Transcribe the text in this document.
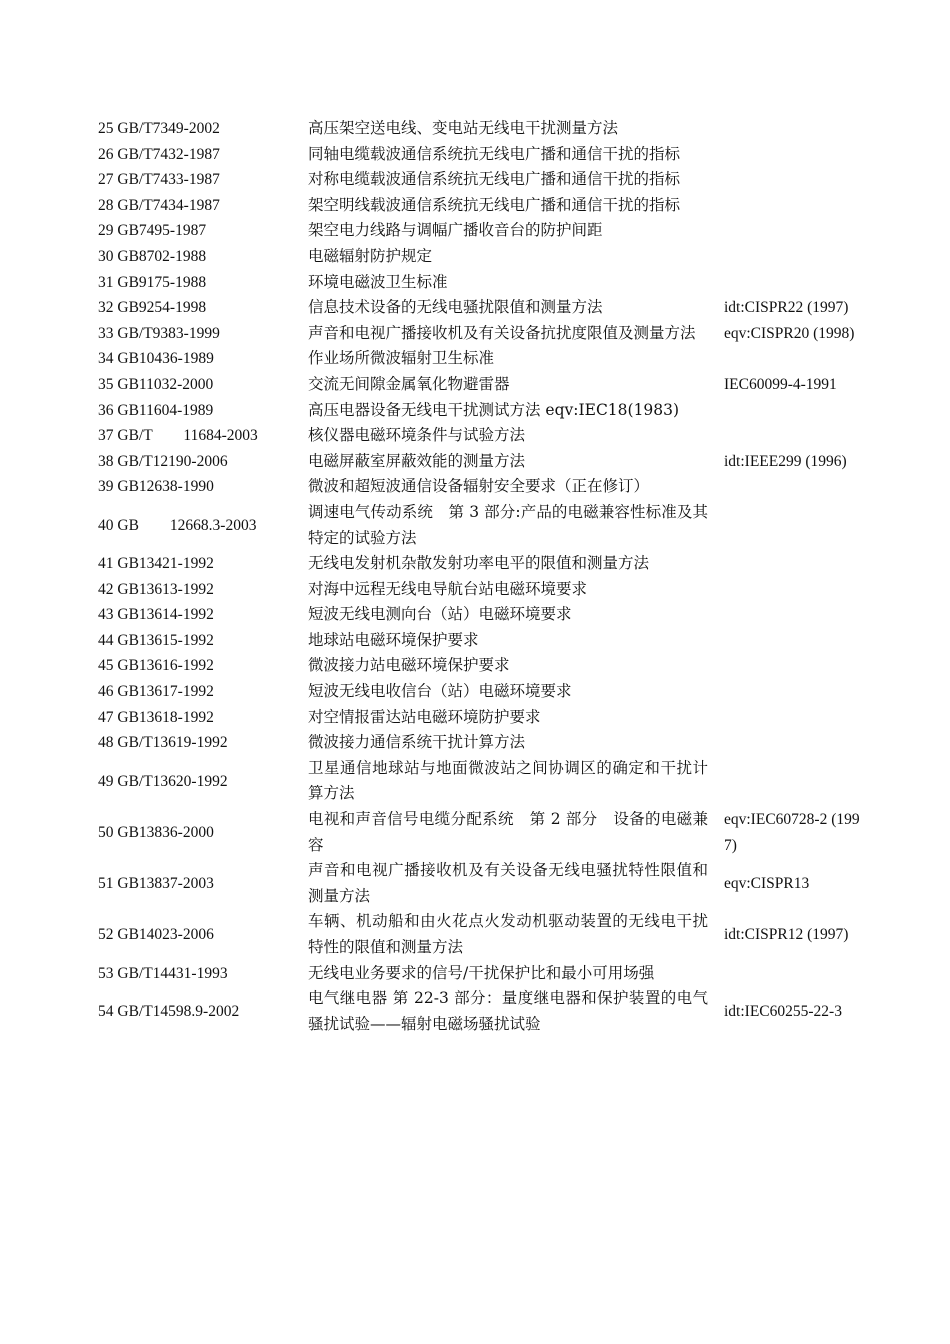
25 GB/T7349-2002	高压架空送电线、变电站无线电干扰测量方法	
26 GB/T7432-1987	同轴电缆载波通信系统抗无线电广播和通信干扰的指标	
27 GB/T7433-1987	对称电缆载波通信系统抗无线电广播和通信干扰的指标	
28 GB/T7434-1987	架空明线载波通信系统抗无线电广播和通信干扰的指标	
29 GB7495-1987	架空电力线路与调幅广播收音台的防护间距	
30 GB8702-1988	电磁辐射防护规定	
31 GB9175-1988	环境电磁波卫生标准	
32 GB9254-1998	信息技术设备的无线电骚扰限值和测量方法	idt:CISPR22 (1997)
33 GB/T9383-1999	声音和电视广播接收机及有关设备抗扰度限值及测量方法	eqv:CISPR20 (1998)
34 GB10436-1989	作业场所微波辐射卫生标准	
35 GB11032-2000	交流无间隙金属氧化物避雷器	IEC60099-4-1991
36 GB11604-1989	高压电器设备无线电干扰测试方法 eqv:IEC18(1983)	
37 GB/T        11684-2003	核仪器电磁环境条件与试验方法	
38 GB/T12190-2006	电磁屏蔽室屏蔽效能的测量方法	idt:IEEE299 (1996)
39 GB12638-1990	微波和超短波通信设备辐射安全要求（正在修订）	
40 GB        12668.3-2003	调速电气传动系统　第 3 部分:产品的电磁兼容性标准及其特定的试验方法	
41 GB13421-1992	无线电发射机杂散发射功率电平的限值和测量方法	
42 GB13613-1992	对海中远程无线电导航台站电磁环境要求	
43 GB13614-1992	短波无线电测向台（站）电磁环境要求	
44 GB13615-1992	地球站电磁环境保护要求	
45 GB13616-1992	微波接力站电磁环境保护要求	
46 GB13617-1992	短波无线电收信台（站）电磁环境要求	
47 GB13618-1992	对空情报雷达站电磁环境防护要求	
48 GB/T13619-1992	微波接力通信系统干扰计算方法	
49 GB/T13620-1992	卫星通信地球站与地面微波站之间协调区的确定和干扰计算方法	
50 GB13836-2000	电视和声音信号电缆分配系统　第 2 部分　设备的电磁兼容	eqv:IEC60728-2 (1997)
51 GB13837-2003	声音和电视广播接收机及有关设备无线电骚扰特性限值和测量方法	eqv:CISPR13
52 GB14023-2006	车辆、机动船和由火花点火发动机驱动装置的无线电干扰特性的限值和测量方法	idt:CISPR12 (1997)
53 GB/T14431-1993	无线电业务要求的信号/干扰保护比和最小可用场强	
54 GB/T14598.9-2002	电气继电器 第 22-3 部分：量度继电器和保护装置的电气骚扰试验——辐射电磁场骚扰试验	idt:IEC60255-22-3
